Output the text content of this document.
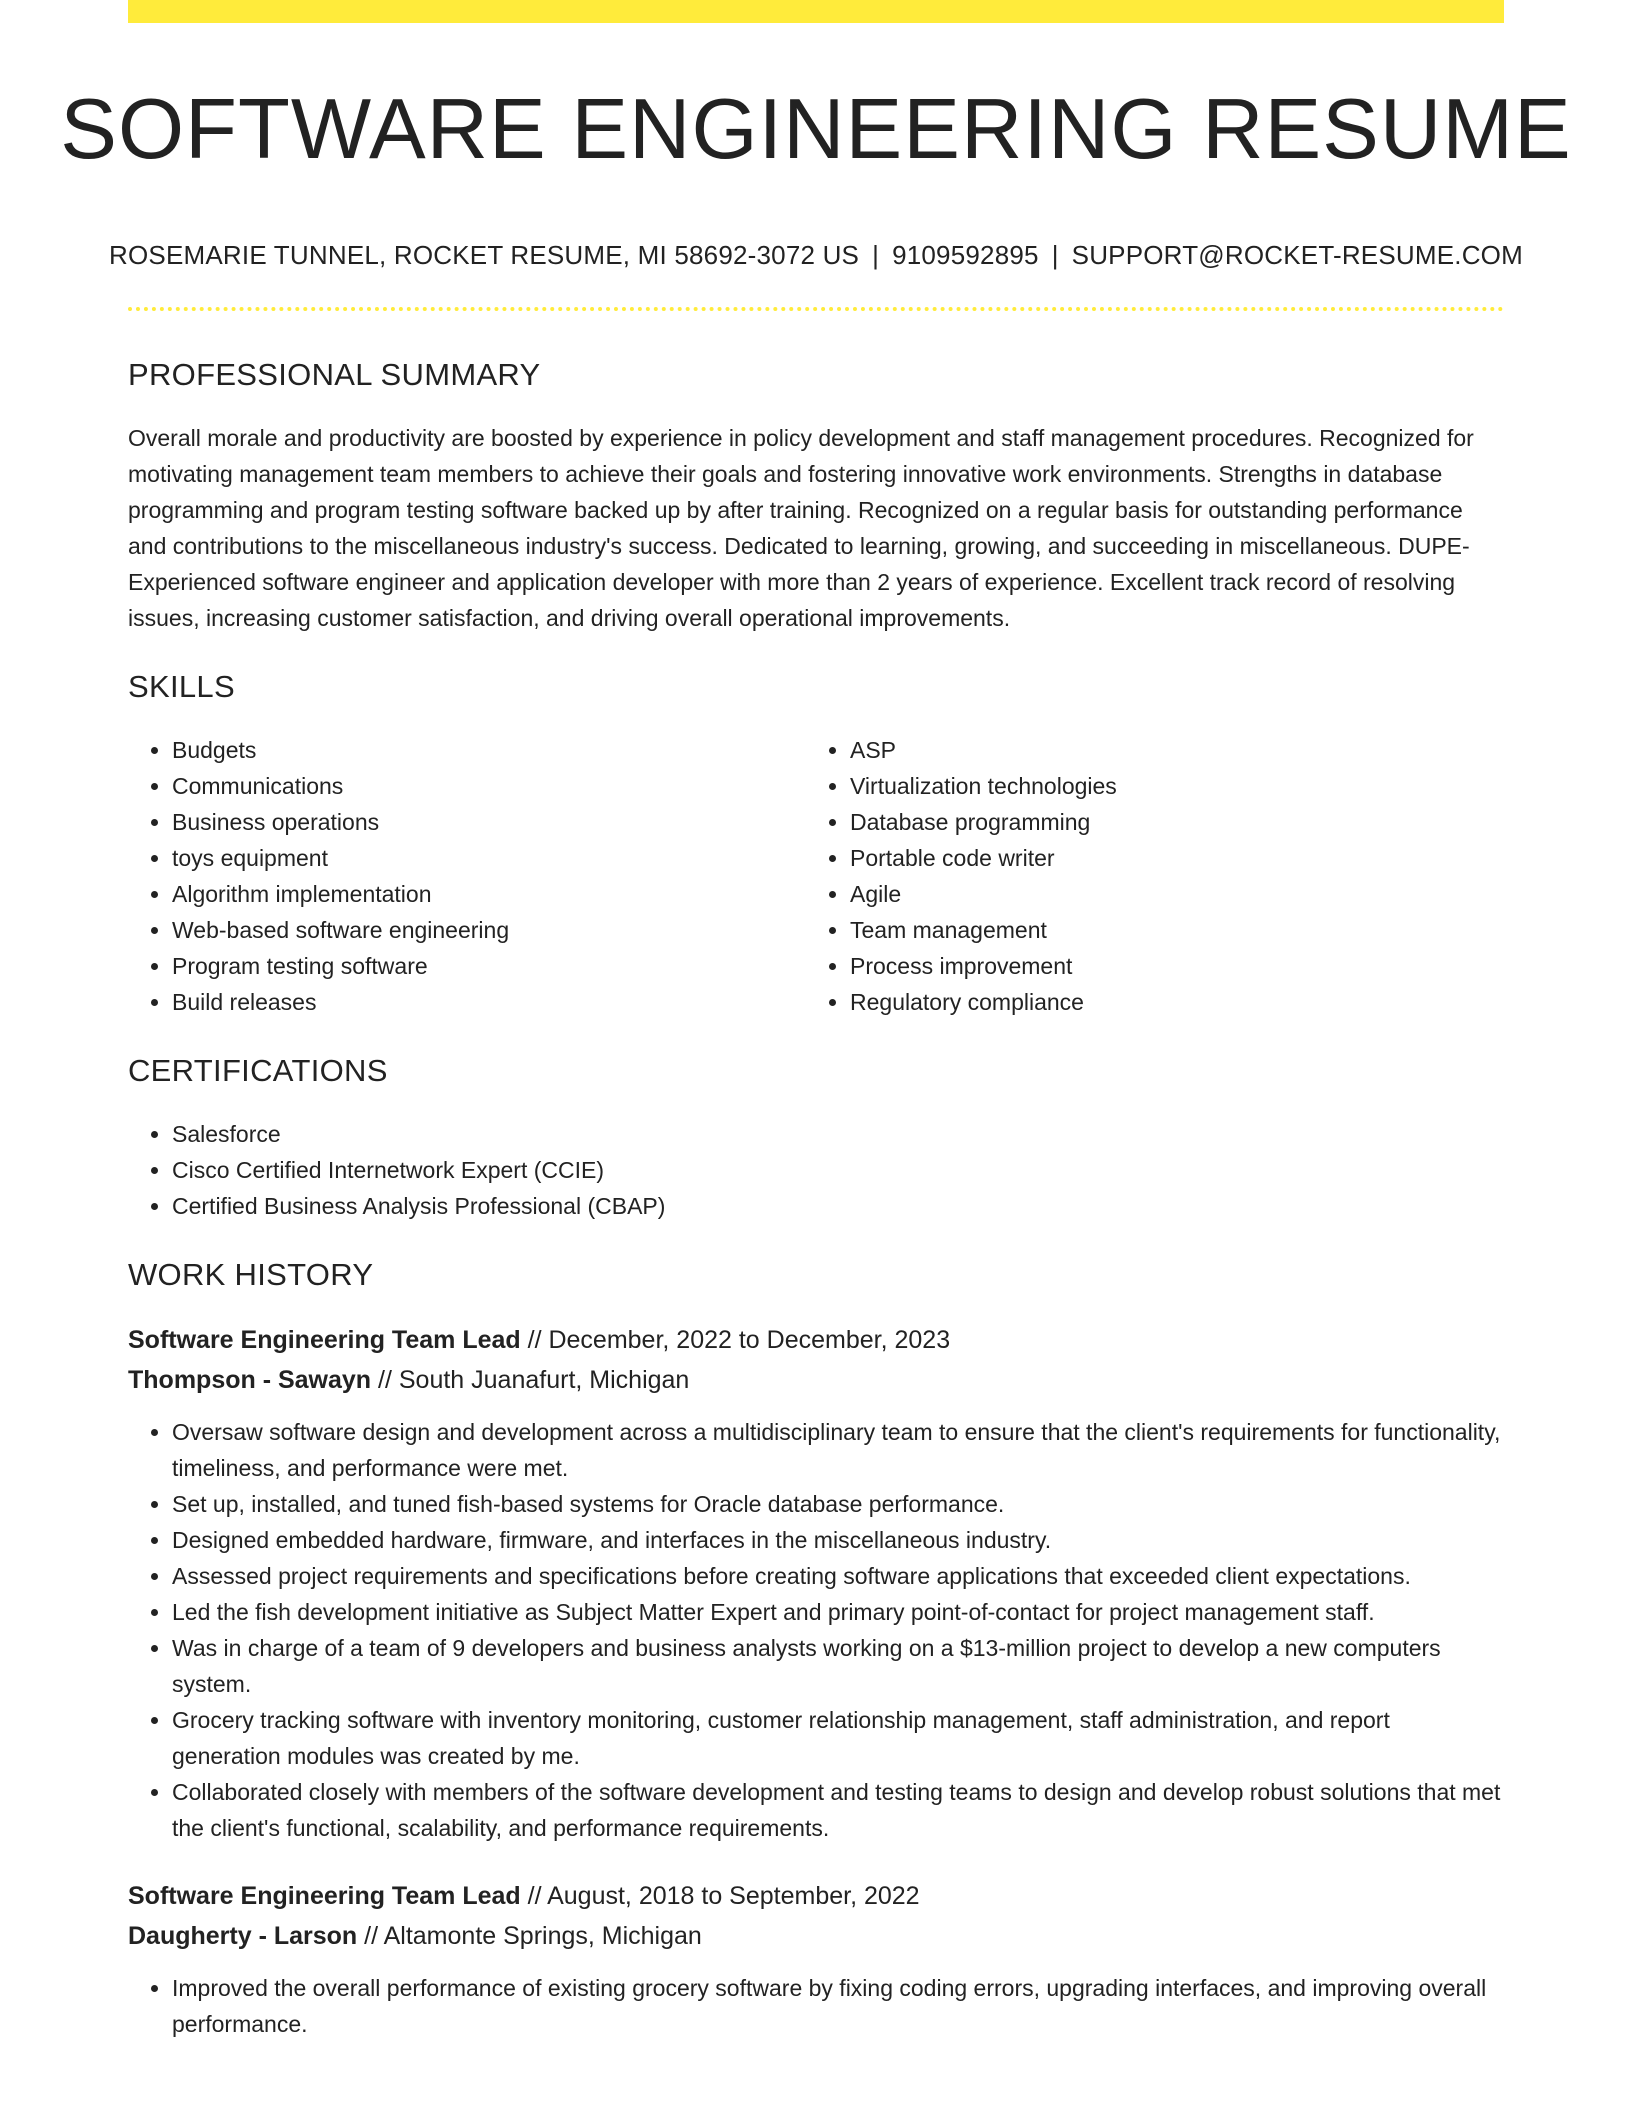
SOFTWARE ENGINEERING RESUME
ROSEMARIE TUNNEL, ROCKET RESUME, MI 58692-3072 US | 9109592895 | SUPPORT@ROCKET-RESUME.COM
PROFESSIONAL SUMMARY

Overall morale and productivity are boosted by experience in policy development and staff management procedures. Recognized for motivating management team members to achieve their goals and fostering innovative work environments. Strengths in database programming and program testing software backed up by after training. Recognized on a regular basis for outstanding performance and contributions to the miscellaneous industry's success. Dedicated to learning, growing, and succeeding in miscellaneous. DUPE- Experienced software engineer and application developer with more than 2 years of experience. Excellent track record of resolving issues, increasing customer satisfaction, and driving overall operational improvements.

SKILLS
• Budgets
• Communications
• Business operations
• toys equipment
• Algorithm implementation
• Web-based software engineering
• Program testing software
• Build releases
• ASP
• Virtualization technologies
• Database programming
• Portable code writer
• Agile
• Team management
• Process improvement
• Regulatory compliance
CERTIFICATIONS
• Salesforce
• Cisco Certified Internetwork Expert (CCIE)
• Certified Business Analysis Professional (CBAP)
WORK HISTORY
Software Engineering Team Lead // December, 2022 to December, 2023
Thompson - Sawayn // South Juanafurt, Michigan
• Oversaw software design and development across a multidisciplinary team to ensure that the client's requirements for functionality, timeliness, and performance were met.
• Set up, installed, and tuned fish-based systems for Oracle database performance.
• Designed embedded hardware, firmware, and interfaces in the miscellaneous industry.
• Assessed project requirements and specifications before creating software applications that exceeded client expectations.
• Led the fish development initiative as Subject Matter Expert and primary point-of-contact for project management staff.
• Was in charge of a team of 9 developers and business analysts working on a $13-million project to develop a new computers system.
• Grocery tracking software with inventory monitoring, customer relationship management, staff administration, and report generation modules was created by me.
• Collaborated closely with members of the software development and testing teams to design and develop robust solutions that met the client's functional, scalability, and performance requirements.
Software Engineering Team Lead // August, 2018 to September, 2022
Daugherty - Larson // Altamonte Springs, Michigan
• Improved the overall performance of existing grocery software by fixing coding errors, upgrading interfaces, and improving overall performance.
